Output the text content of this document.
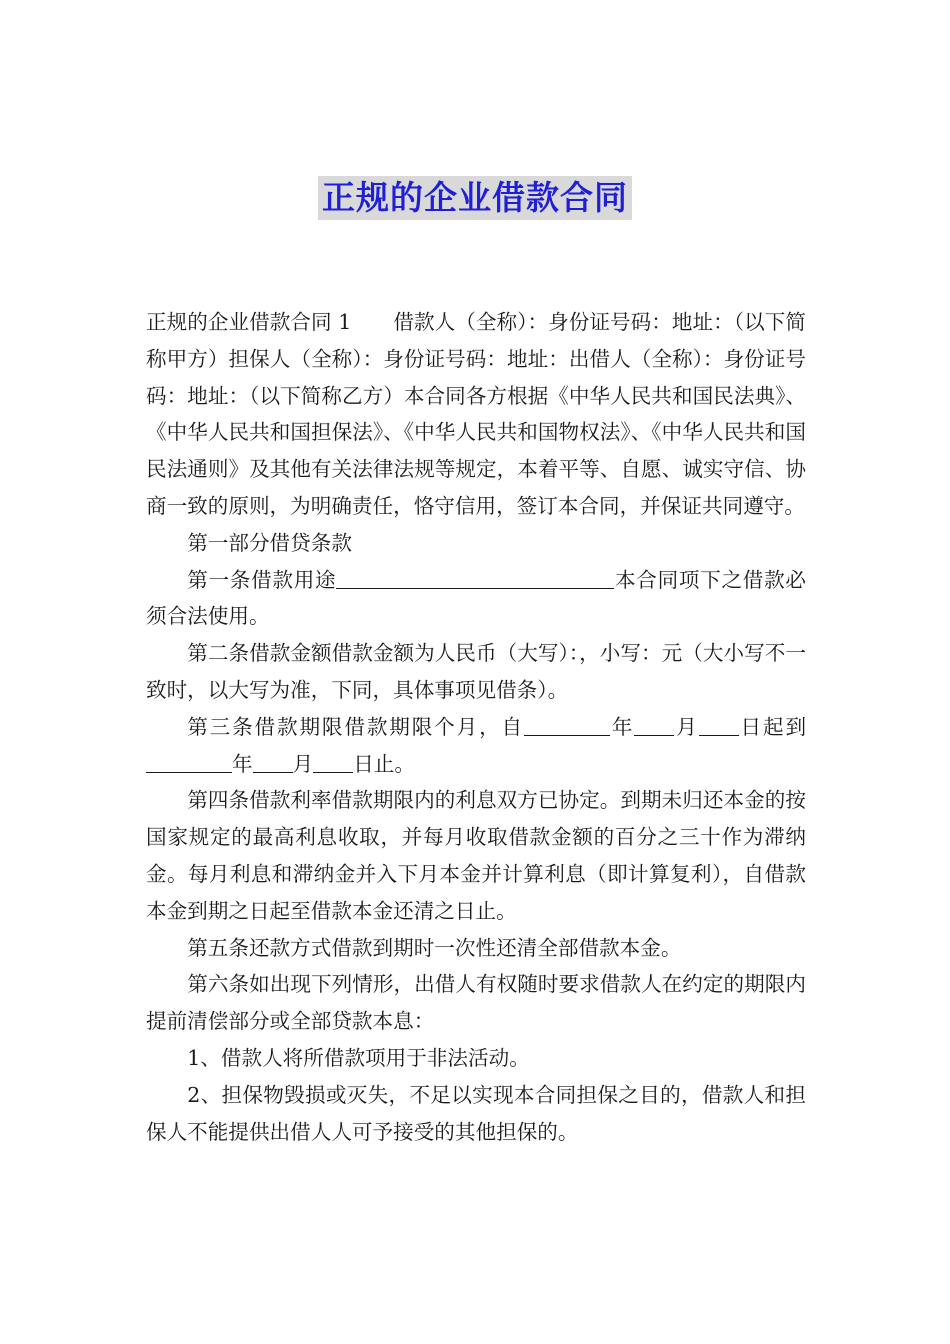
正规的企业借款合同

正规的企业借款合同 1 借款人（全称）：身份证号码：地址：（以下简称甲方）担保人（全称）：身份证号码：地址：出借人（全称）：身份证号码：地址：（以下简称乙方）本合同各方根据《中华人民共和国民法典》、《中华人民共和国担保法》、《中华人民共和国物权法》、《中华人民共和国民法通则》及其他有关法律法规等规定，本着平等、自愿、诚实守信、协商一致的原则，为明确责任，恪守信用，签订本合同，并保证共同遵守。

第一部分借贷条款

第一条借款用途	本合同项下之借款必须合法使用。

第二条借款金额借款金额为人民币（大写）：，小写：元（大小写不一致时，以大写为准，下同，具体事项见借条）。

第三条借款期限借款期限个月，自	年 月 日起到年 月 日止。

第四条借款利率借款期限内的利息双方已协定。到期未归还本金的按国家规定的最高利息收取，并每月收取借款金额的百分之三十作为滞纳金。每月利息和滞纳金并入下月本金并计算利息（即计算复利），自借款本金到期之日起至借款本金还清之日止。

第五条还款方式借款到期时一次性还清全部借款本金。

第六条如出现下列情形，出借人有权随时要求借款人在约定的期限内提前清偿部分或全部贷款本息：

1、借款人将所借款项用于非法活动。

2、担保物毁损或灭失，不足以实现本合同担保之目的，借款人和担保人不能提供出借人人可予接受的其他担保的。
